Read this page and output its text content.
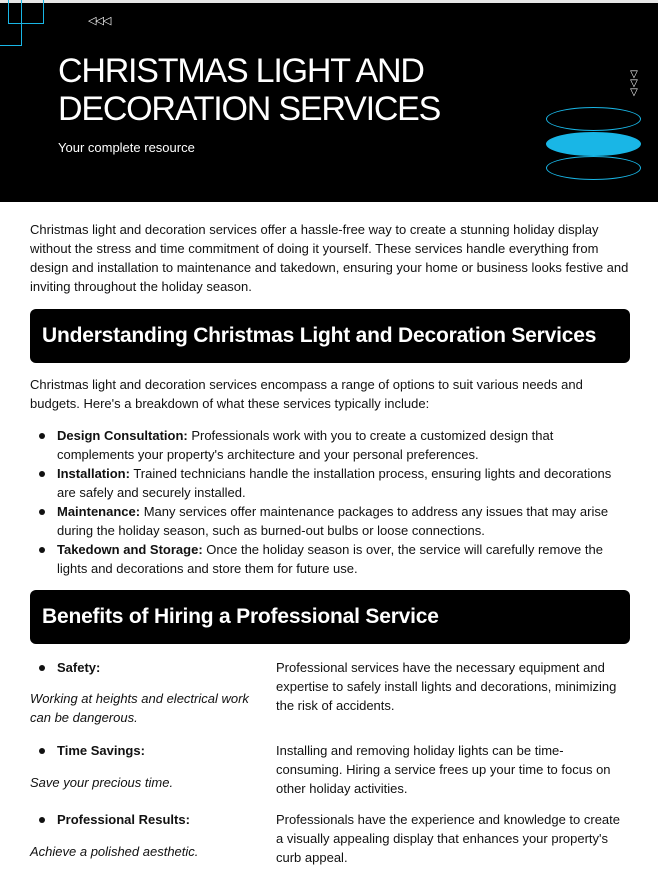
◁◁◁
▽
▽
▽
CHRISTMAS LIGHT AND DECORATION SERVICES
Your complete resource

Christmas light and decoration services offer a hassle-free way to create a stunning holiday display without the stress and time commitment of doing it yourself. These services handle everything from design and installation to maintenance and takedown, ensuring your home or business looks festive and inviting throughout the holiday season.

Understanding Christmas Light and Decoration Services

Christmas light and decoration services encompass a range of options to suit various needs and budgets. Here's a breakdown of what these services typically include:

Design Consultation: Professionals work with you to create a customized design that complements your property's architecture and your personal preferences.
Installation: Trained technicians handle the installation process, ensuring lights and decorations are safely and securely installed.
Maintenance: Many services offer maintenance packages to address any issues that may arise during the holiday season, such as burned-out bulbs or loose connections.
Takedown and Storage: Once the holiday season is over, the service will carefully remove the lights and decorations and store them for future use.
Benefits of Hiring a Professional Service
Safety:
Working at heights and electrical work can be dangerous.
Professional services have the necessary equipment and expertise to safely install lights and decorations, minimizing the risk of accidents.
Time Savings:
Save your precious time.
Installing and removing holiday lights can be time-consuming. Hiring a service frees up your time to focus on other holiday activities.
Professional Results:
Achieve a polished aesthetic.
Professionals have the experience and knowledge to create a visually appealing display that enhances your property's curb appeal.
